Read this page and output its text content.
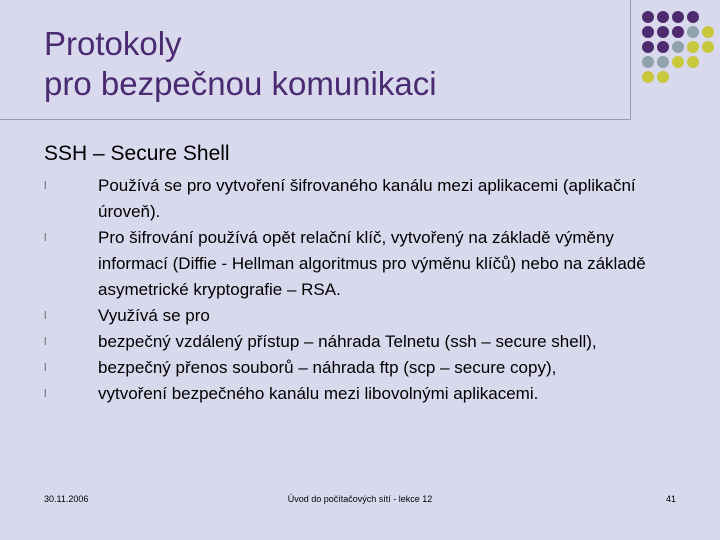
Protokoly
pro bezpečnou komunikaci
SSH – Secure Shell
l	Používá se pro vytvoření šifrovaného kanálu mezi aplikacemi (aplikační úroveň).
l	Pro šifrování používá opět relační klíč, vytvořený na základě výměny informací (Diffie - Hellman algoritmus pro výměnu klíčů) nebo na základě asymetrické kryptografie – RSA.
l	Využívá se pro
l	bezpečný vzdálený přístup – náhrada Telnetu (ssh – secure shell),
l	bezpečný přenos souborů – náhrada ftp (scp – secure copy),
l	vytvoření bezpečného kanálu mezi libovolnými aplikacemi.
30.11.2006	Úvod do počítačových sítí - lekce 12	41
